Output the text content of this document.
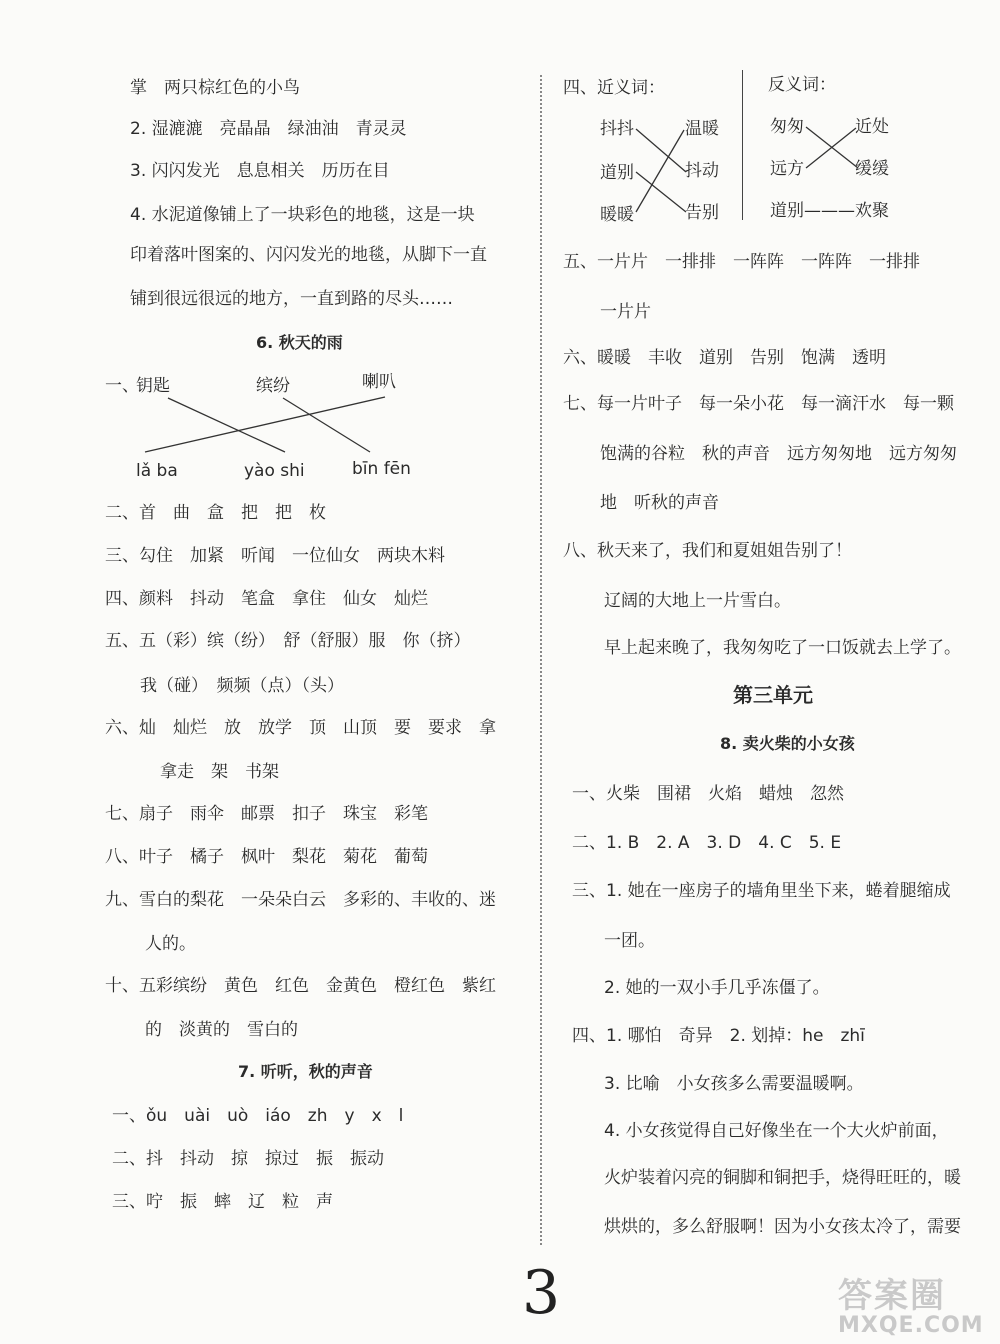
掌　两只棕红色的小鸟
2. 湿漉漉　亮晶晶　绿油油　青灵灵
3. 闪闪发光　息息相关　历历在目
4. 水泥道像铺上了一块彩色的地毯，这是一块
印着落叶图案的、闪闪发光的地毯，从脚下一直
铺到很远很远的地方，一直到路的尽头……
6. 秋天的雨
一、
钥匙	缤纷	喇叭
lǎ ba	yào shi	bīn fēn
二、首　曲　盒　把　把　枚
三、勾住　加紧　听闻　一位仙女　两块木料
四、颜料　抖动　笔盒　拿住　仙女　灿烂
五、五（彩）缤（纷）　舒（舒服）服　你（挤）
我（碰）　频频（点）（头）
六、灿　灿烂　放　放学　顶　山顶　要　要求　拿
拿走　架　书架
七、扇子　雨伞　邮票　扣子　珠宝　彩笔
八、叶子　橘子　枫叶　梨花　菊花　葡萄
九、雪白的梨花　一朵朵白云　多彩的、丰收的、迷
人的。
十、五彩缤纷　黄色　红色　金黄色　橙红色　紫红
的　淡黄的　雪白的
7. 听听，秋的声音
一、ǒu　uài　uò　iáo　zh　y　x　l
二、抖　抖动　掠　掠过　振　振动
三、咛　振　蟀　辽　粒　声
四、近义词：	反义词：
抖抖
道别
暖暖
温暖
抖动
告别
匆匆
远方
道别———欢聚
近处
缓缓
五、一片片　一排排　一阵阵　一阵阵　一排排
一片片
六、暖暖　丰收　道别　告别　饱满　透明
七、每一片叶子　每一朵小花　每一滴汗水　每一颗
饱满的谷粒　秋的声音　远方匆匆地　远方匆匆
地　听秋的声音
八、秋天来了，我们和夏姐姐告别了！
辽阔的大地上一片雪白。
早上起来晚了，我匆匆吃了一口饭就去上学了。
第三单元
8. 卖火柴的小女孩
一、火柴　围裙　火焰　蜡烛　忽然
二、1. B　2. A　3. D　4. C　5. E
三、1. 她在一座房子的墙角里坐下来，蜷着腿缩成
一团。
2. 她的一双小手几乎冻僵了。
四、1. 哪怕　奇异　2. 划掉：he　zhī
3. 比喻　小女孩多么需要温暖啊。
4. 小女孩觉得自己好像坐在一个大火炉前面，
火炉装着闪亮的铜脚和铜把手，烧得旺旺的，暖
烘烘的，多么舒服啊！因为小女孩太冷了，需要
3	答案圈
MXQE.COM
